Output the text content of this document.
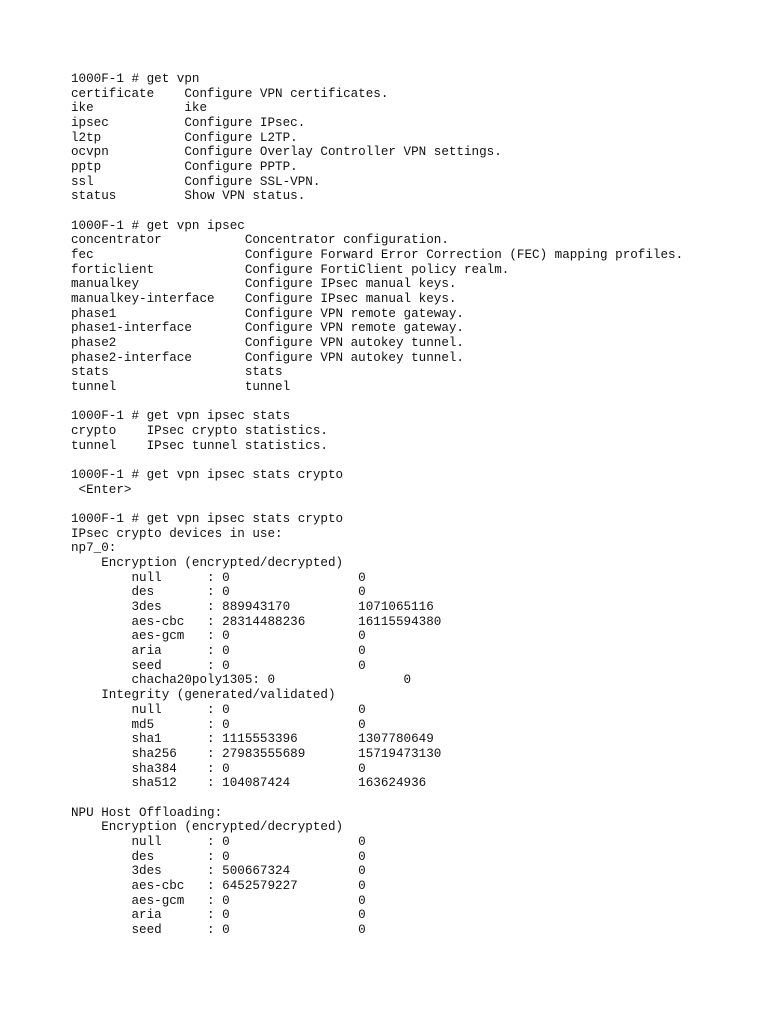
1000F-1 # get vpn
certificate    Configure VPN certificates.
ike            ike
ipsec          Configure IPsec.
l2tp           Configure L2TP.
ocvpn          Configure Overlay Controller VPN settings.
pptp           Configure PPTP.
ssl            Configure SSL-VPN.
status         Show VPN status.
1000F-1 # get vpn ipsec
concentrator           Concentrator configuration.
fec                    Configure Forward Error Correction (FEC) mapping profiles.
forticlient            Configure FortiClient policy realm.
manualkey              Configure IPsec manual keys.
manualkey-interface    Configure IPsec manual keys.
phase1                 Configure VPN remote gateway.
phase1-interface       Configure VPN remote gateway.
phase2                 Configure VPN autokey tunnel.
phase2-interface       Configure VPN autokey tunnel.
stats                  stats
tunnel                 tunnel
1000F-1 # get vpn ipsec stats
crypto    IPsec crypto statistics.
tunnel    IPsec tunnel statistics.
1000F-1 # get vpn ipsec stats crypto
<Enter>
1000F-1 # get vpn ipsec stats crypto
IPsec crypto devices in use:
np7_0:
Encryption (encrypted/decrypted)
null      : 0                 0
des       : 0                 0
3des      : 889943170         1071065116
aes-cbc   : 28314488236       16115594380
aes-gcm   : 0                 0
aria      : 0                 0
seed      : 0                 0
chacha20poly1305: 0                 0
Integrity (generated/validated)
null      : 0                 0
md5       : 0                 0
sha1      : 1115553396        1307780649
sha256    : 27983555689       15719473130
sha384    : 0                 0
sha512    : 104087424         163624936
NPU Host Offloading:
Encryption (encrypted/decrypted)
null      : 0                 0
des       : 0                 0
3des      : 500667324         0
aes-cbc   : 6452579227        0
aes-gcm   : 0                 0
aria      : 0                 0
seed      : 0                 0
